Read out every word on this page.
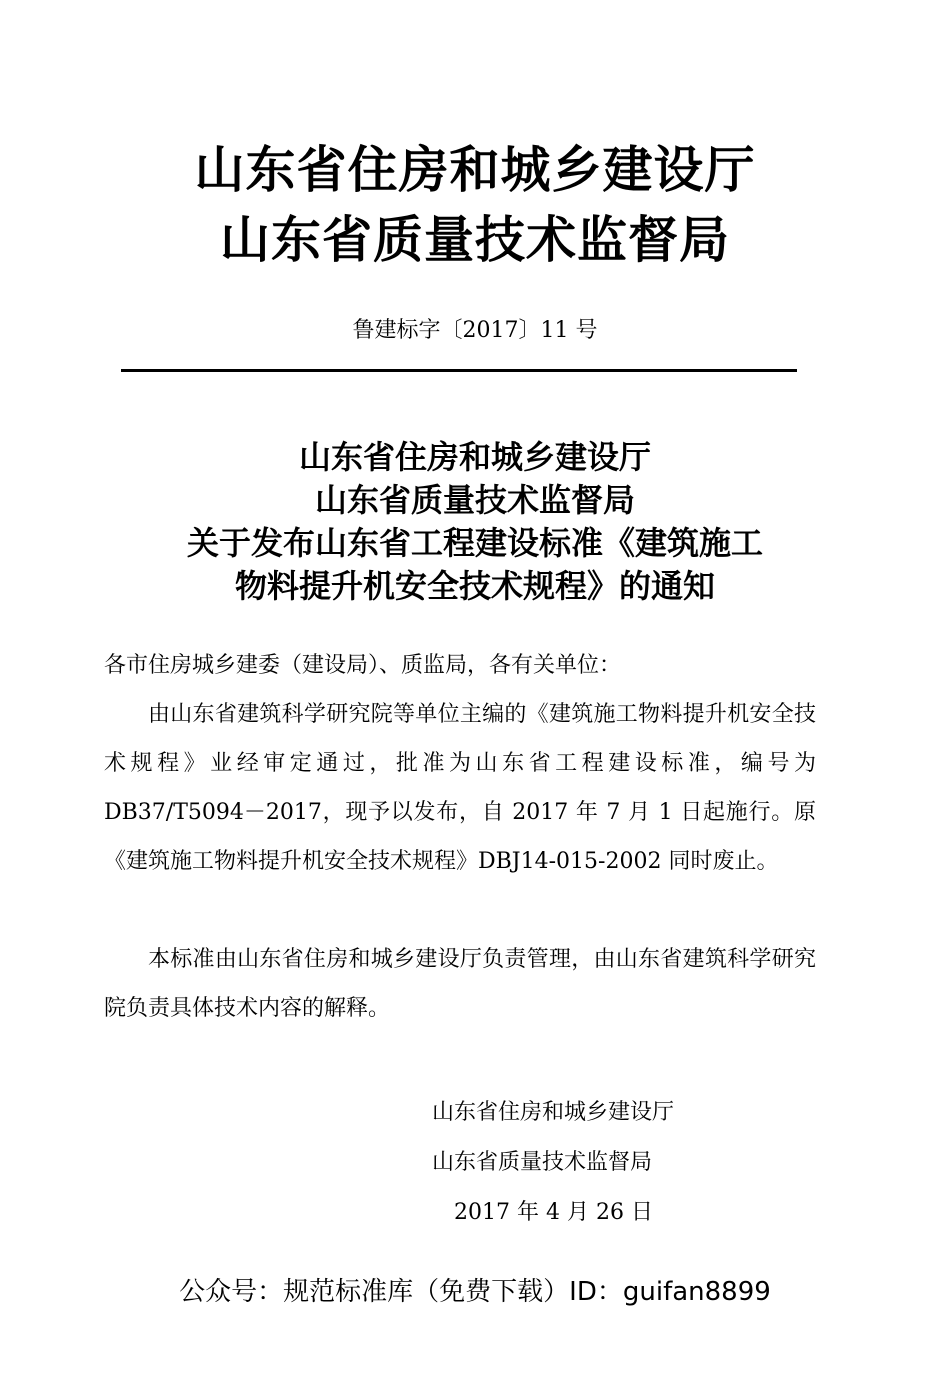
山东省住房和城乡建设厅
山东省质量技术监督局
鲁建标字〔2017〕11 号
山东省住房和城乡建设厅
山东省质量技术监督局
关于发布山东省工程建设标准《建筑施工
物料提升机安全技术规程》的通知
各市住房城乡建委（建设局）、质监局，各有关单位：
由山东省建筑科学研究院等单位主编的《建筑施工物料提升机安全技术规程》业经审定通过，批准为山东省工程建设标准，编号为 DB37/T5094－2017，现予以发布，自 2017 年 7 月 1 日起施行。原《建筑施工物料提升机安全技术规程》DBJ14-015-2002 同时废止。
本标准由山东省住房和城乡建设厅负责管理，由山东省建筑科学研究院负责具体技术内容的解释。
山东省住房和城乡建设厅
山东省质量技术监督局
2017 年 4 月 26 日
公众号：规范标准库（免费下载）ID：guifan8899
